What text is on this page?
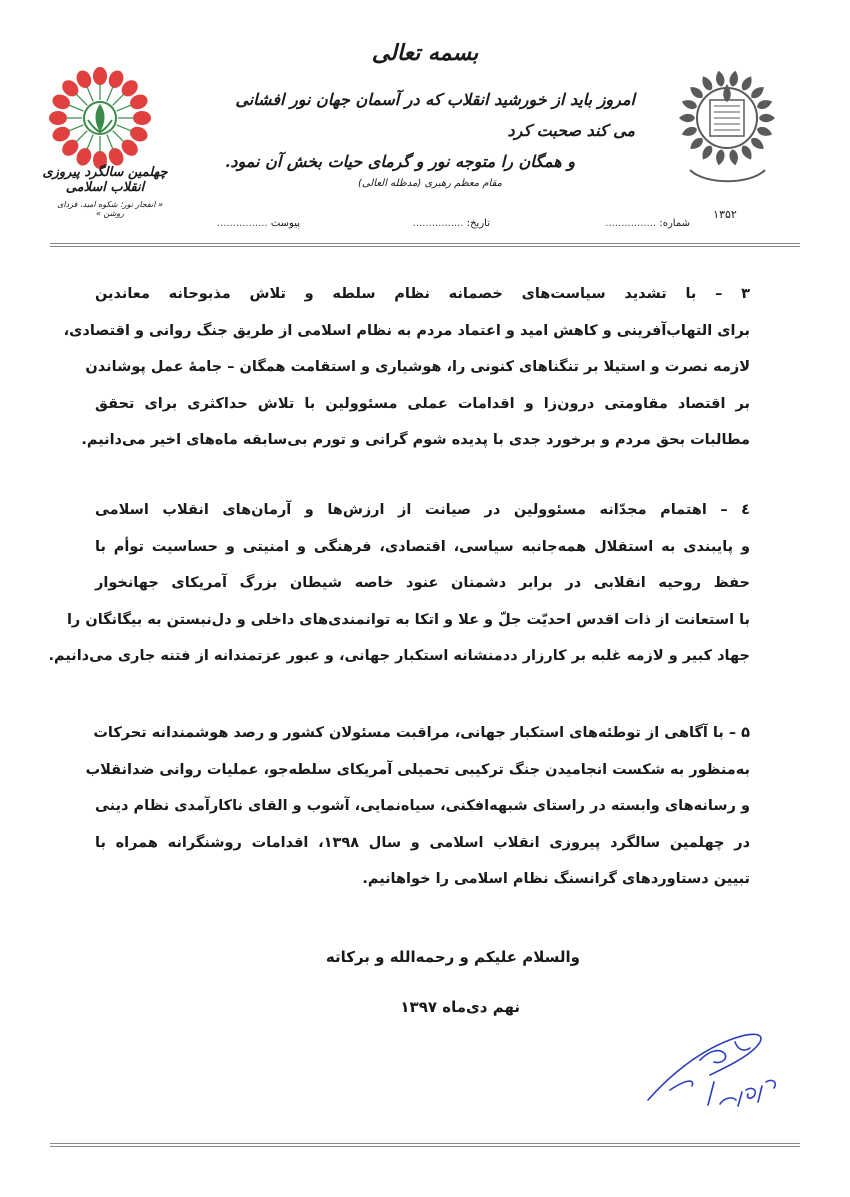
بسمه تعالی
امروز باید از خورشید انقلاب که در آسمان جهان نور افشانی می کند صحبت کرد
و همگان را متوجه نور و گرمای حیات بخش آن نمود.
مقام معظم رهبری (مدظله العالی)
چهلمین سالگرد پیروزی انقلاب اسلامی
« انفجار نور؛ شکوه امید، فردای روشن »	۱۳۵۲
شماره: ................
تاریخ: ................
پیوست ................
۳ – با تشدید سیاست‌های خصمانه نظام سلطه و تلاش مذبوحانه معاندین
برای التهاب‌آفرینی و کاهش امید و اعتماد مردم به نظام اسلامی از طریق جنگ روانی و اقتصادی،
لازمه نصرت و استیلا بر تنگناهای کنونی را، هوشیاری و استقامت همگان – جامهٔ عمل پوشاندن
بر اقتصاد مقاومتی درون‌زا و اقدامات عملی مسئوولین با تلاش حداکثری برای تحقق
مطالبات بحق مردم و برخورد جدی با پدیده شوم گرانی و تورم بی‌سابقه ماه‌های اخیر می‌دانیم.
٤ – اهتمام مجدّانه مسئوولین در صیانت از ارزش‌ها و آرمان‌های انقلاب اسلامی
و پایبندی به استقلال همه‌جانبه سیاسی، اقتصادی، فرهنگی و امنیتی و حساسیت توأم با
حفظ روحیه انقلابی در برابر دشمنان عنود خاصه شیطان بزرگ آمریکای جهانخوار
با استعانت از ذات اقدس احدیّت جلّ و علا و اتکا به توانمندی‌های داخلی و دل‌نبستن به بیگانگان را
جهاد کبیر و لازمه غلبه بر کارزار ددمنشانه استکبار جهانی، و عبور عزتمندانه از فتنه جاری می‌دانیم.
۵ – با آگاهی از توطئه‌های استکبار جهانی، مراقبت مسئولان کشور و رصد هوشمندانه تحرکات
به‌منظور به شکست انجامیدن جنگ ترکیبی تحمیلی آمریکای سلطه‌جو، عملیات روانی ضدانقلاب
و رسانه‌های وابسته در راستای شبهه‌افکنی، سیاه‌نمایی، آشوب و القای ناکارآمدی نظام دینی
در چهلمین سالگرد پیروزی انقلاب اسلامی و سال ۱۳۹۸، اقدامات روشنگرانه همراه با
تبیین دستاوردهای گرانسنگ نظام اسلامی را خواهانیم.
والسلام علیکم و رحمه‌الله و برکاته
نهم دی‌ماه ۱۳۹۷
